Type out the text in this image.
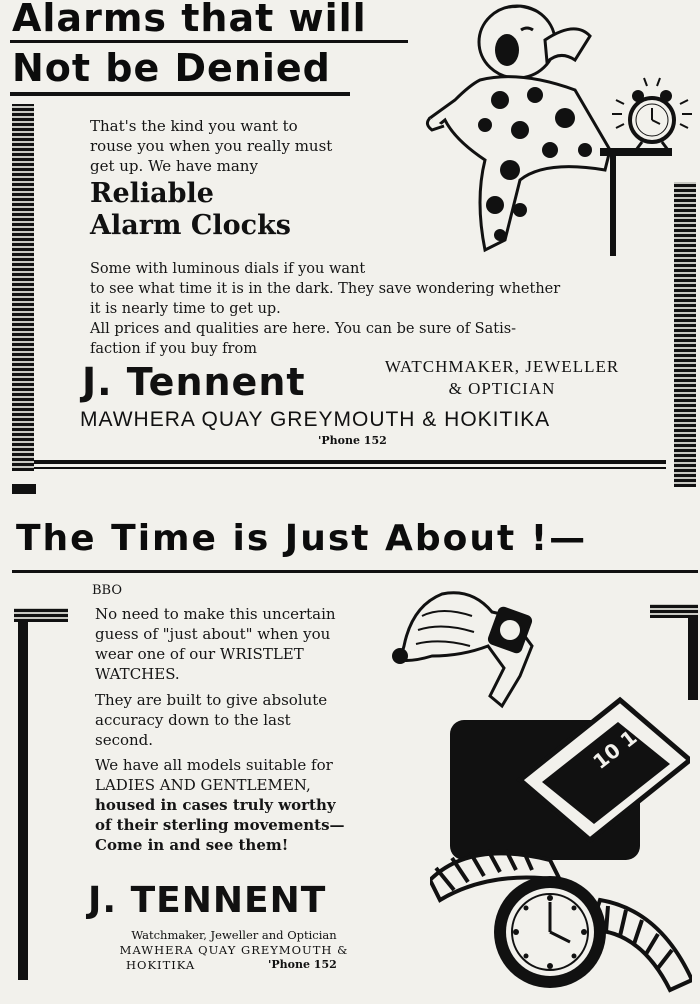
Alarms that will
Not be Denied
That's the kind you want to
rouse you when you really must
get up. We have many
Reliable
Alarm Clocks
Some with luminous dials if you want
to see what time it is in the dark. They save wondering whether
it is nearly time to get up.
All prices and qualities are here. You can be sure of Satis-
faction if you buy from
J. Tennent	WATCHMAKER, JEWELLER
& OPTICIAN
MAWHERA QUAY GREYMOUTH & HOKITIKA
'Phone 152
The Time is Just About !—
BBO
No need to make this uncertain
guess of "just about" when you
wear one of our WRISTLET
WATCHES.
They are built to give absolute
accuracy down to the last
second.
We have all models suitable for
LADIES AND GENTLEMEN,
housed in cases truly worthy
of their sterling movements—
Come in and see them!
J. TENNENT
Watchmaker, Jeweller and Optician
MAWHERA QUAY GREYMOUTH &
HOKITIKA	'Phone 152
10 11 12
